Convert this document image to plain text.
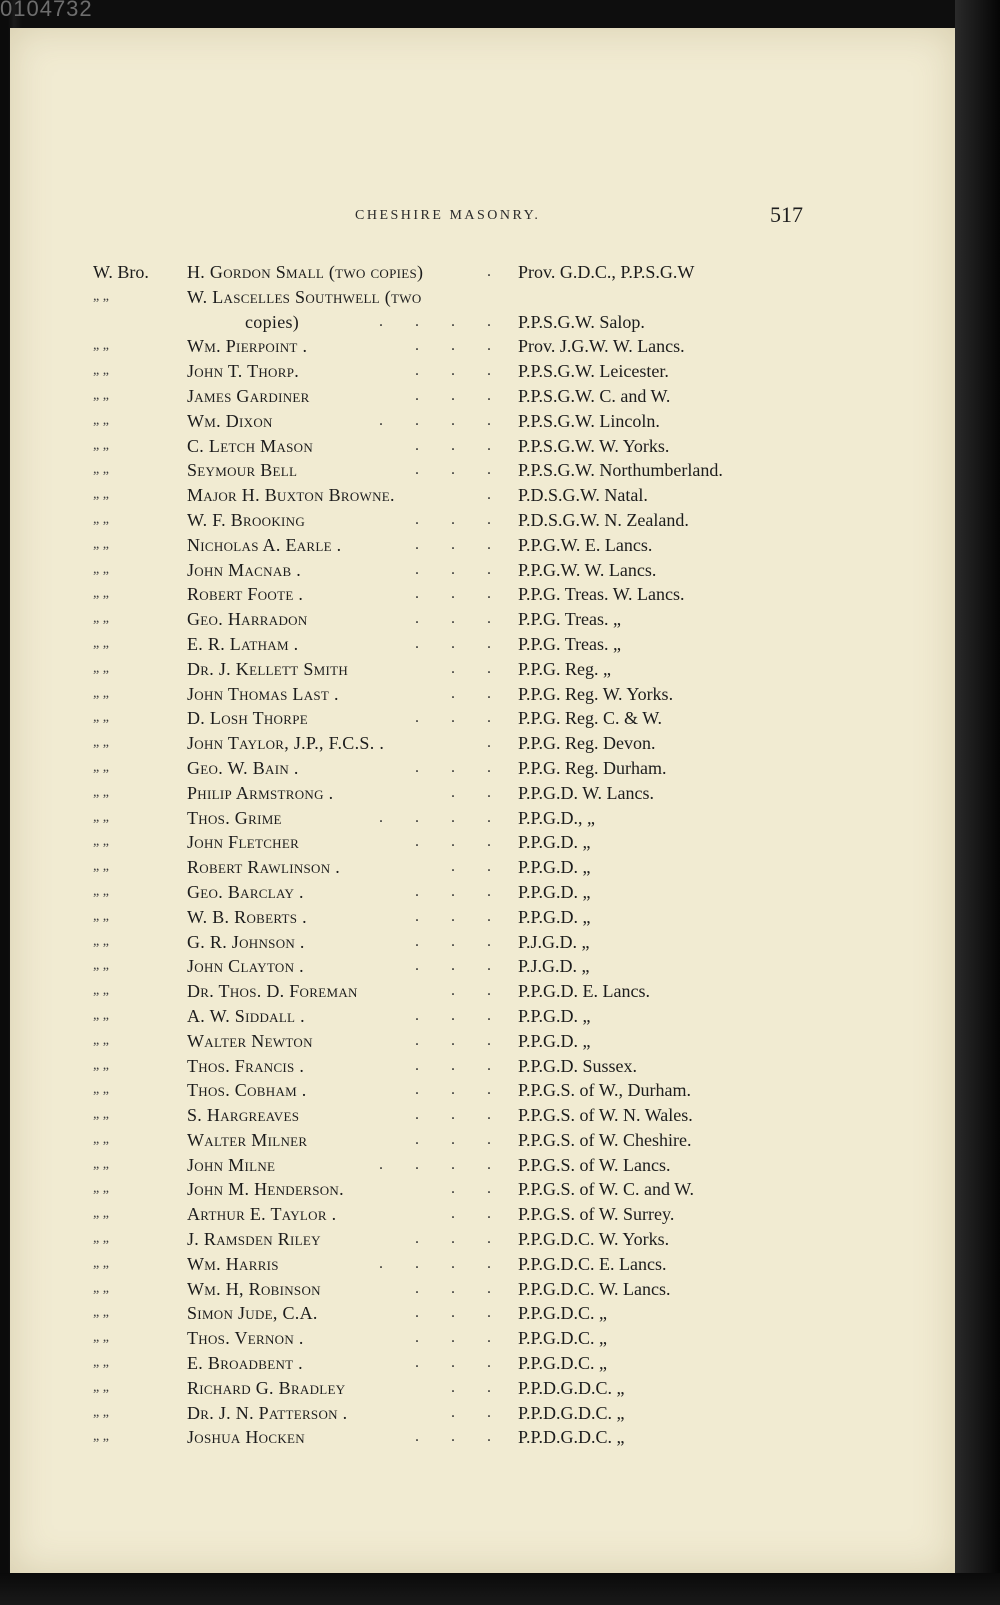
0104732
CHESHIRE MASONRY.	517
W. Bro.	H. Gordon Small (two copies)	. Prov. G.D.C., P.P.S.G.W
„ „	W. Lascelles Southwell (two
copies)	. . . . P.P.S.G.W. Salop.
„ „	Wm. Pierpoint .	. . . Prov. J.G.W. W. Lancs.
„ „	John T. Thorp.	. . . P.P.S.G.W. Leicester.
„ „	James Gardiner	. . . P.P.S.G.W. C. and W.
„ „	Wm. Dixon	. . . . P.P.S.G.W. Lincoln.
„ „	C. Letch Mason	. . . P.P.S.G.W. W. Yorks.
„ „	Seymour Bell	. . . P.P.S.G.W. Northumberland.
„ „	Major H. Buxton Browne.	. P.D.S.G.W. Natal.
„ „	W. F. Brooking	. . . P.D.S.G.W. N. Zealand.
„ „	Nicholas A. Earle .	. . . P.P.G.W. E. Lancs.
„ „	John Macnab .	. . . P.P.G.W. W. Lancs.
„ „	Robert Foote .	. . . P.P.G. Treas. W. Lancs.
„ „	Geo. Harradon	. . . P.P.G. Treas. „
„ „	E. R. Latham .	. . . P.P.G. Treas. „
„ „	Dr. J. Kellett Smith	. . P.P.G. Reg. „
„ „	John Thomas Last .	. . P.P.G. Reg. W. Yorks.
„ „	D. Losh Thorpe	. . . P.P.G. Reg. C. & W.
„ „	John Taylor, J.P., F.C.S. .	. P.P.G. Reg. Devon.
„ „	Geo. W. Bain .	. . . P.P.G. Reg. Durham.
„ „	Philip Armstrong .	. . P.P.G.D. W. Lancs.
„ „	Thos. Grime	. . . . P.P.G.D., „
„ „	John Fletcher	. . . P.P.G.D. „
„ „	Robert Rawlinson .	. . P.P.G.D. „
„ „	Geo. Barclay .	. . . P.P.G.D. „
„ „	W. B. Roberts .	. . . P.P.G.D. „
„ „	G. R. Johnson .	. . . P.J.G.D. „
„ „	John Clayton .	. . . P.J.G.D. „
„ „	Dr. Thos. D. Foreman	. . P.P.G.D. E. Lancs.
„ „	A. W. Siddall .	. . . P.P.G.D. „
„ „	Walter Newton	. . . P.P.G.D. „
„ „	Thos. Francis .	. . . P.P.G.D. Sussex.
„ „	Thos. Cobham .	. . . P.P.G.S. of W., Durham.
„ „	S. Hargreaves	. . . P.P.G.S. of W. N. Wales.
„ „	Walter Milner	. . . P.P.G.S. of W. Cheshire.
„ „	John Milne	. . . . P.P.G.S. of W. Lancs.
„ „	John M. Henderson.	. . P.P.G.S. of W. C. and W.
„ „	Arthur E. Taylor .	. . P.P.G.S. of W. Surrey.
„ „	J. Ramsden Riley	. . . P.P.G.D.C. W. Yorks.
„ „	Wm. Harris	. . . . P.P.G.D.C. E. Lancs.
„ „	Wm. H, Robinson	. . . P.P.G.D.C. W. Lancs.
„ „	Simon Jude, C.A.	. . . P.P.G.D.C. „
„ „	Thos. Vernon .	. . . P.P.G.D.C. „
„ „	E. Broadbent .	. . . P.P.G.D.C. „
„ „	Richard G. Bradley	. . P.P.D.G.D.C. „
„ „	Dr. J. N. Patterson .	. . P.P.D.G.D.C. „
„ „	Joshua Hocken	. . . P.P.D.G.D.C. „
